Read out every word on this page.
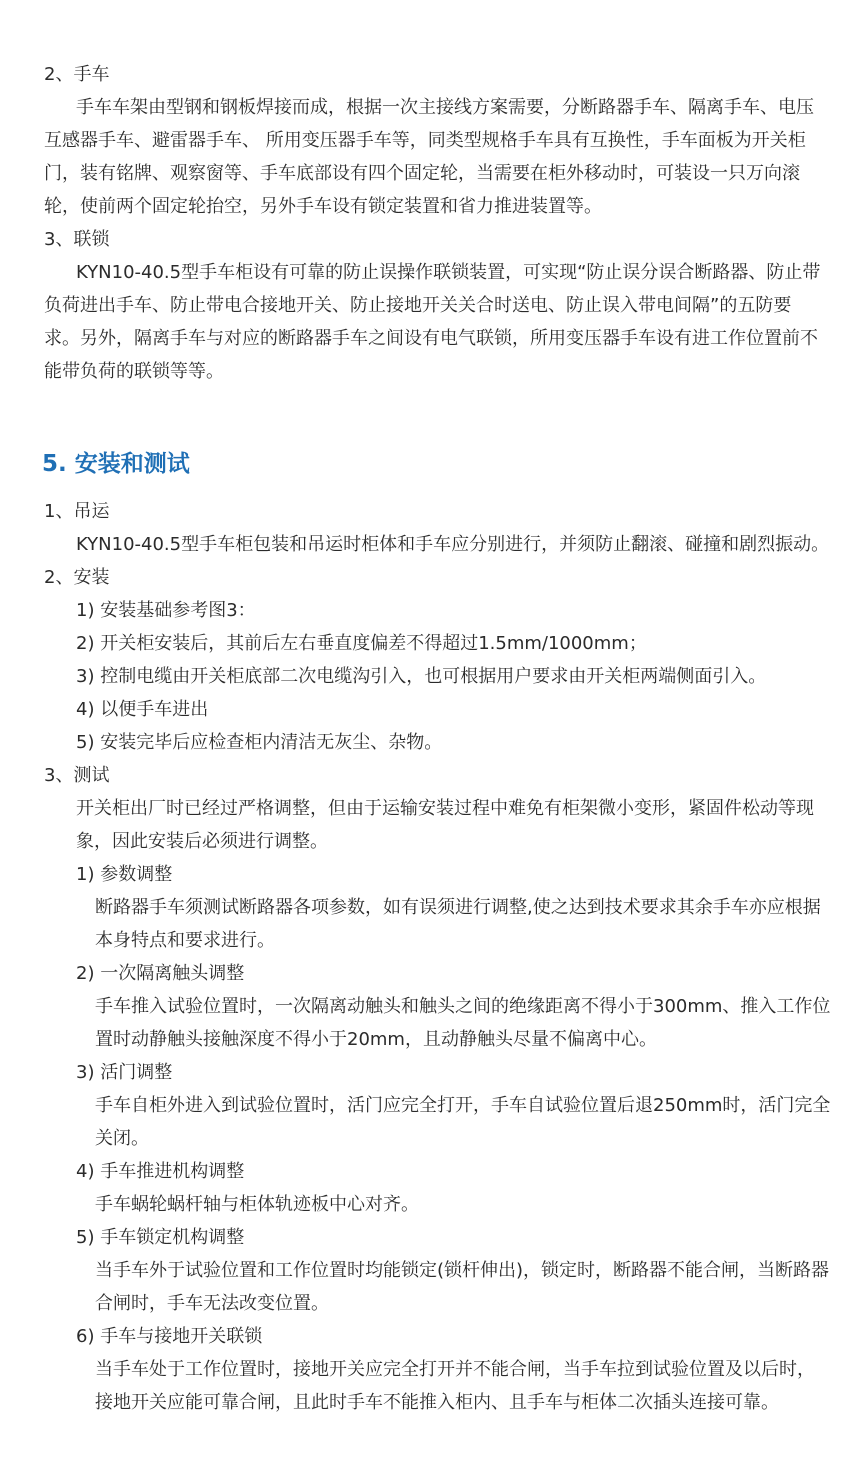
2、手车
手车车架由型钢和钢板焊接而成，根据一次主接线方案需要，分断路器手车、隔离手车、电压
互感器手车、避雷器手车、 所用变压器手车等，同类型规格手车具有互换性，手车面板为开关柜
门，装有铭牌、观察窗等、手车底部设有四个固定轮，当需要在柜外移动时，可装设一只万向滚
轮，使前两个固定轮抬空，另外手车设有锁定装置和省力推进装置等。
3、联锁
KYN10-40.5型手车柜设有可靠的防止误操作联锁装置，可实现“防止误分误合断路器、防止带
负荷进出手车、防止带电合接地开关、防止接地开关关合时送电、防止误入带电间隔”的五防要
求。另外，隔离手车与对应的断路器手车之间设有电气联锁，所用变压器手车设有进工作位置前不
能带负荷的联锁等等。
5. 安装和测试
1、吊运
KYN10-40.5型手车柜包装和吊运时柜体和手车应分别进行，并须防止翻滚、碰撞和剧烈振动。
2、安装
1) 安装基础参考图3：
2) 开关柜安装后，其前后左右垂直度偏差不得超过1.5mm/1000mm；
3) 控制电缆由开关柜底部二次电缆沟引入，也可根据用户要求由开关柜两端侧面引入。
4) 以便手车进出
5) 安装完毕后应检查柜内清洁无灰尘、杂物。
3、测试
开关柜出厂时已经过严格调整，但由于运输安装过程中难免有柜架微小变形，紧固件松动等现
象，因此安装后必须进行调整。
1) 参数调整
断路器手车须测试断路器各项参数，如有误须进行调整,使之达到技术要求其余手车亦应根据
本身特点和要求进行。
2) 一次隔离触头调整
手车推入试验位置时，一次隔离动触头和触头之间的绝缘距离不得小于300mm、推入工作位
置时动静触头接触深度不得小于20mm，且动静触头尽量不偏离中心。
3) 活门调整
手车自柜外进入到试验位置时，活门应完全打开，手车自试验位置后退250mm时，活门完全
关闭。
4) 手车推进机构调整
手车蜗轮蜗杆轴与柜体轨迹板中心对齐。
5) 手车锁定机构调整
当手车外于试验位置和工作位置时均能锁定(锁杆伸出)，锁定时，断路器不能合闸，当断路器
合闸时，手车无法改变位置。
6) 手车与接地开关联锁
当手车处于工作位置时，接地开关应完全打开并不能合闸，当手车拉到试验位置及以后时，
接地开关应能可靠合闸，且此时手车不能推入柜内、且手车与柜体二次插头连接可靠。
